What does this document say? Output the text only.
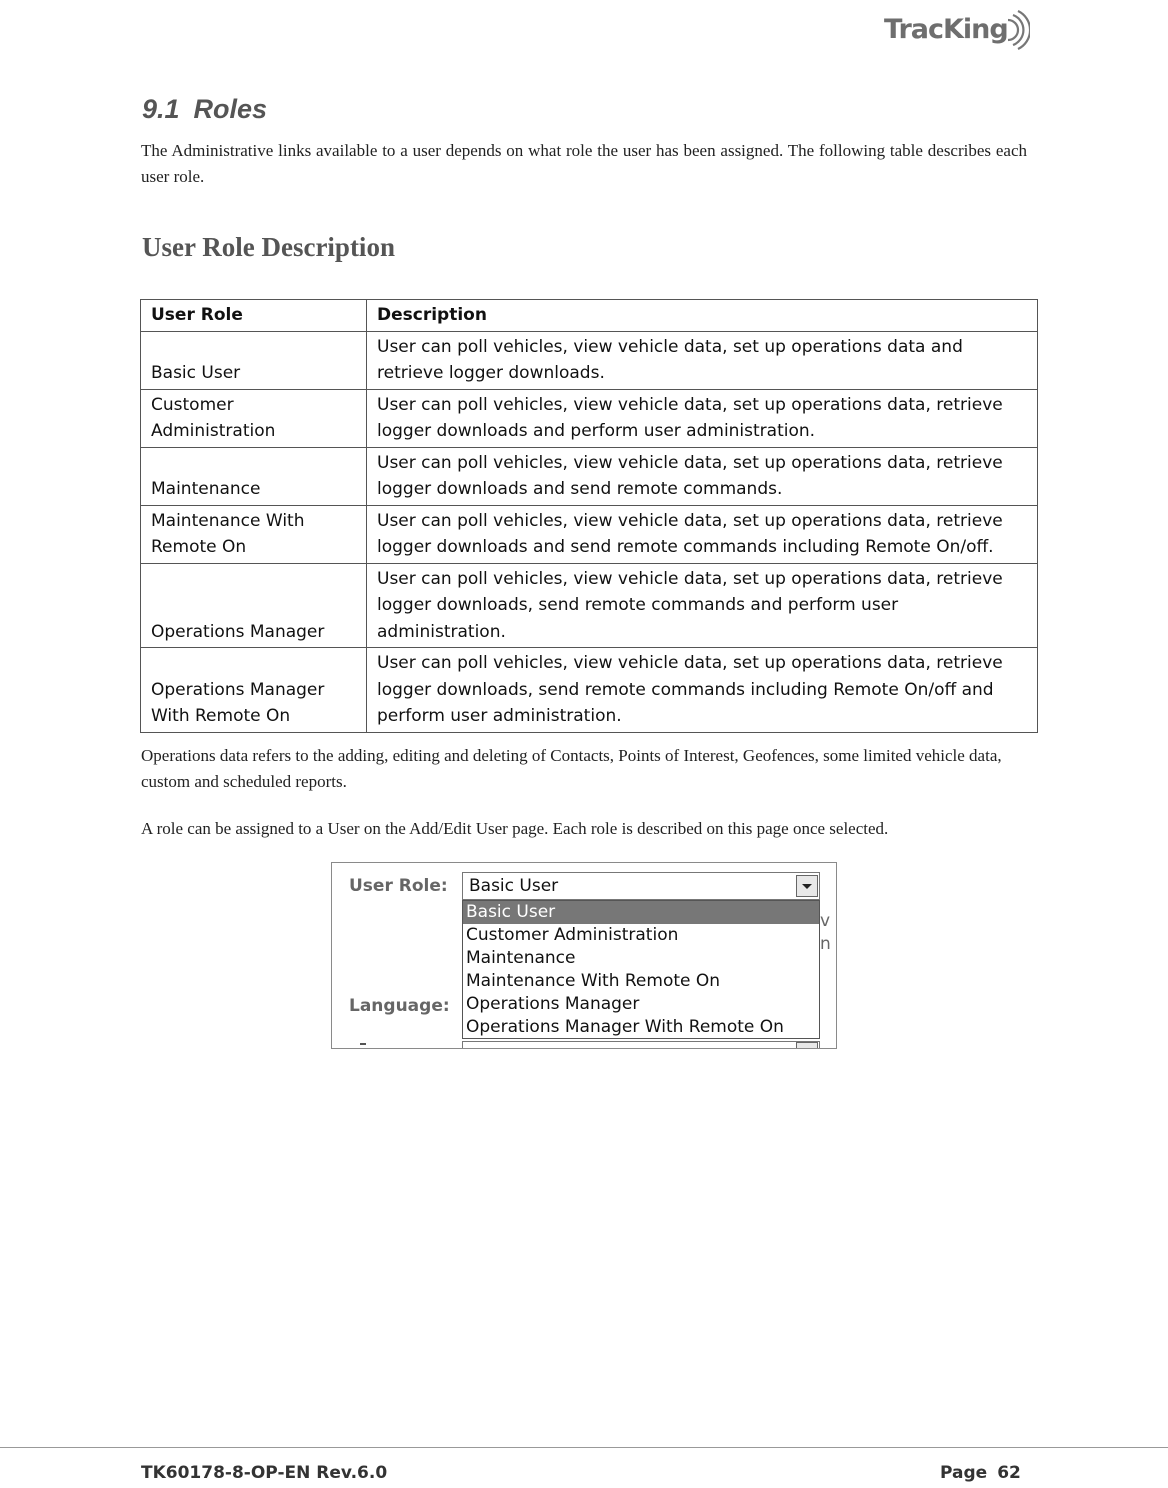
TracKing
9.1 Roles

The Administrative links available to a user depends on what role the user has been assigned. The following table describes each user role.

User Role Description
User Role	Description
Basic User	User can poll vehicles, view vehicle data, set up operations data and retrieve logger downloads.
Customer Administration	User can poll vehicles, view vehicle data, set up operations data, retrieve logger downloads and perform user administration.
Maintenance	User can poll vehicles, view vehicle data, set up operations data, retrieve logger downloads and send remote commands.
Maintenance With Remote On	User can poll vehicles, view vehicle data, set up operations data, retrieve logger downloads and send remote commands including Remote On/off.
Operations Manager	User can poll vehicles, view vehicle data, set up operations data, retrieve logger downloads, send remote commands and perform user administration.
Operations Manager With Remote On	User can poll vehicles, view vehicle data, set up operations data, retrieve logger downloads, send remote commands including Remote On/off and perform user administration.

Operations data refers to the adding, editing and deleting of Contacts, Points of Interest, Geofences, some limited vehicle data, custom and scheduled reports.

A role can be assigned to a User on the Add/Edit User page. Each role is described on this page once selected.

User Role: Basic User
Basic User
Customer Administration
Maintenance
Maintenance With Remote On
Operations Manager
Operations Manager With Remote On
v
n
Language:

TK60178-8-OP-EN Rev.6.0	Page 62
